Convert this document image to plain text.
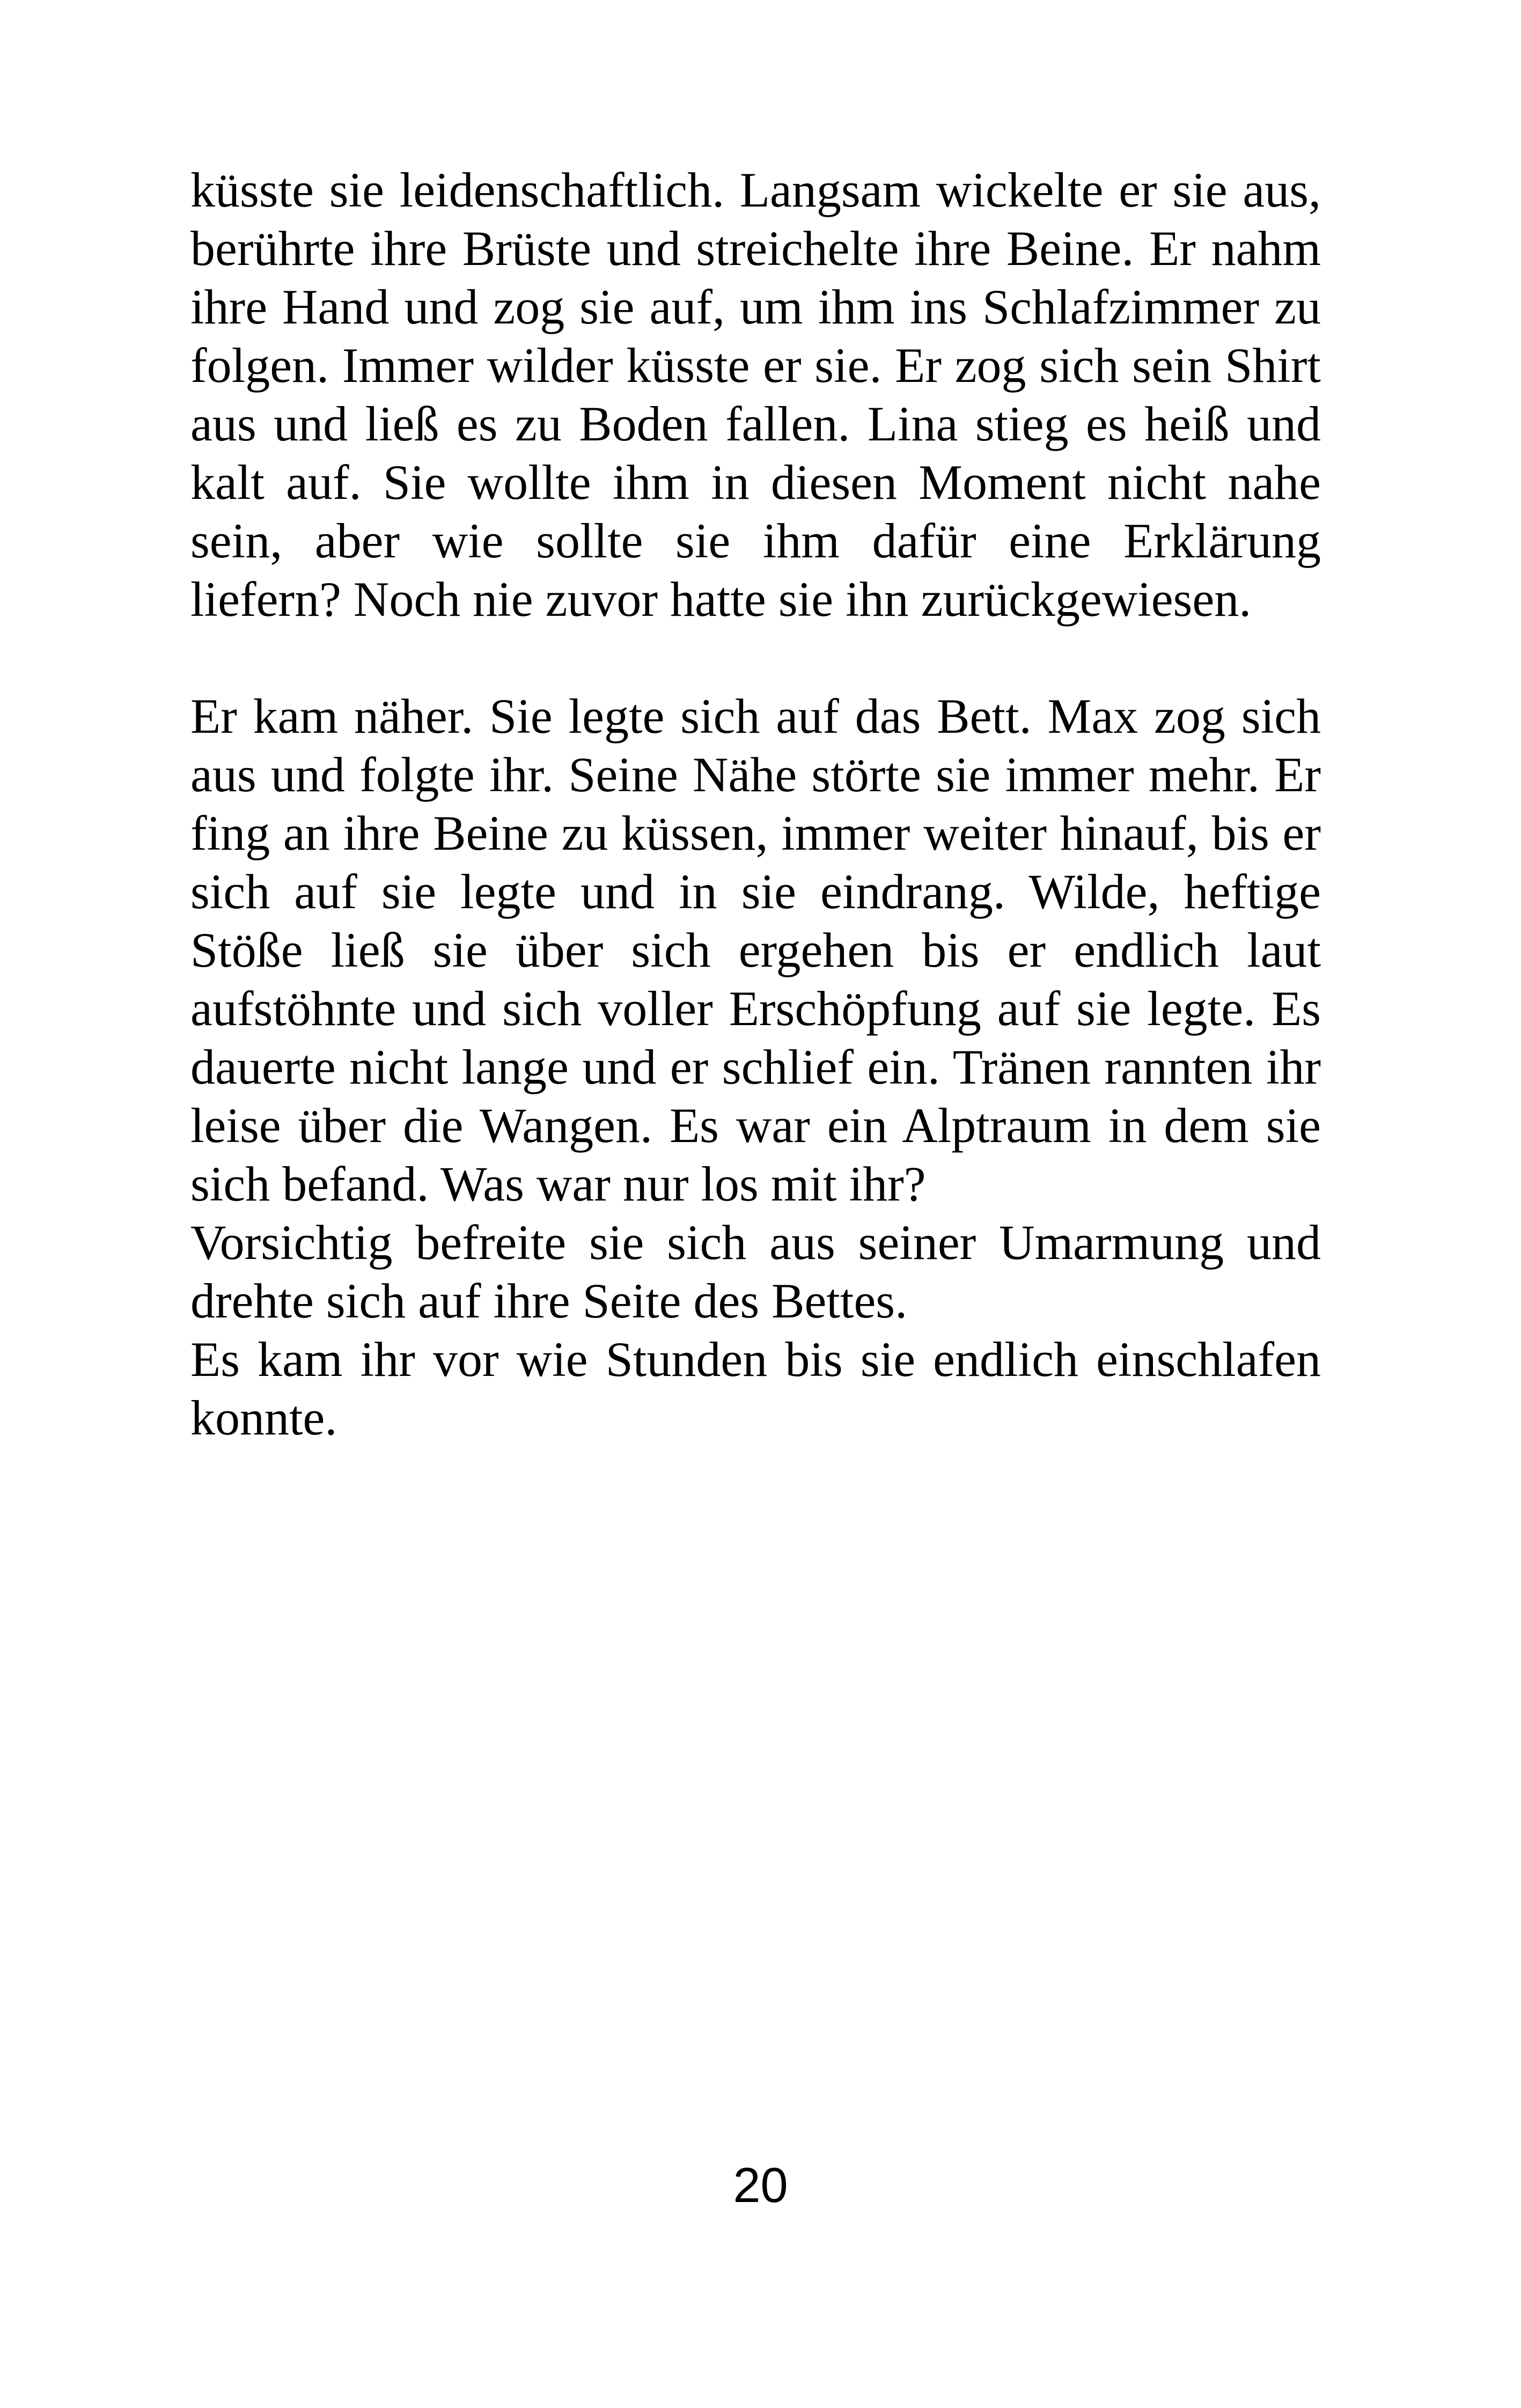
küsste sie leidenschaftlich. Langsam wickelte er sie aus, berührte ihre Brüste und streichelte ihre Beine. Er nahm ihre Hand und zog sie auf, um ihm ins Schlafzimmer zu folgen. Immer wilder küsste er sie. Er zog sich sein Shirt aus und ließ es zu Boden fallen. Lina stieg es heiß und kalt auf. Sie wollte ihm in diesen Moment nicht nahe sein, aber wie sollte sie ihm dafür eine Erklärung liefern? Noch nie zuvor hatte sie ihn zurückgewiesen.

Er kam näher. Sie legte sich auf das Bett. Max zog sich aus und folgte ihr. Seine Nähe störte sie immer mehr. Er fing an ihre Beine zu küssen, immer weiter hinauf, bis er sich auf sie legte und in sie eindrang. Wilde, heftige Stöße ließ sie über sich ergehen bis er endlich laut aufstöhnte und sich voller Erschöpfung auf sie legte. Es dauerte nicht lange und er schlief ein. Tränen rannten ihr leise über die Wangen. Es war ein Alptraum in dem sie sich befand. Was war nur los mit ihr?

Vorsichtig befreite sie sich aus seiner Umarmung und drehte sich auf ihre Seite des Bettes.

Es kam ihr vor wie Stunden bis sie endlich einschlafen konnte.

20
